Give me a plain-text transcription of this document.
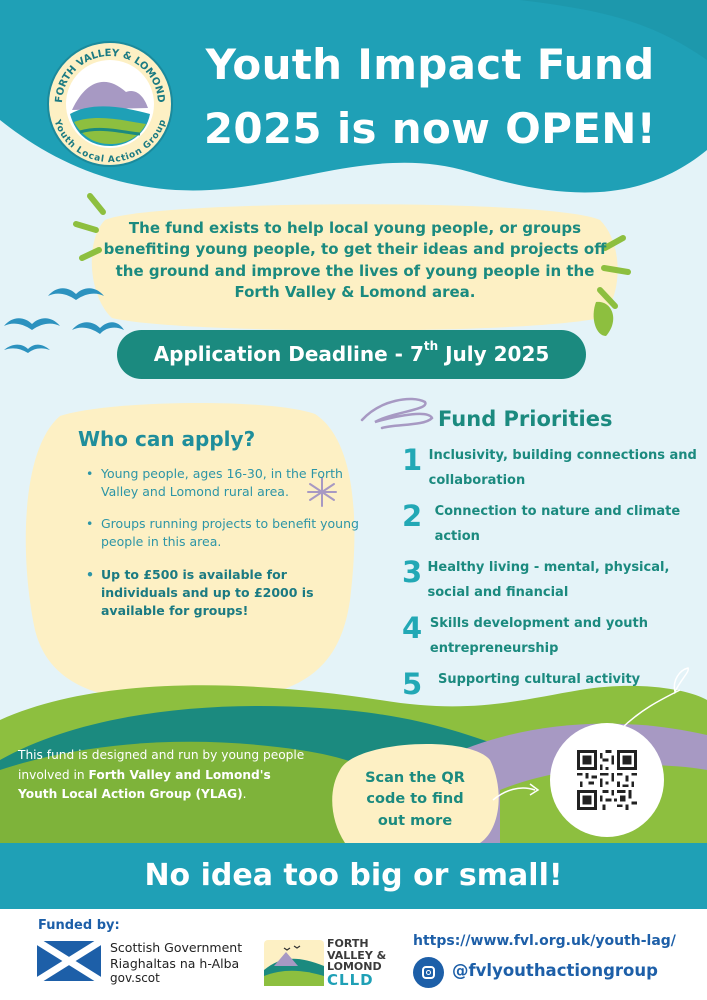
FORTH VALLEY & LOMOND
Youth Local Action Group
Youth Impact Fund
2025 is now OPEN!
The fund exists to help local young people, or groups benefiting young people, to get their ideas and projects off the ground and improve the lives of young people in the Forth Valley & Lomond area.
Application Deadline - 7th July 2025
Who can apply?
• Young people, ages 16-30, in the Forth Valley and Lomond rural area.
• Groups running projects to benefit young people in this area.
• Up to £500 is available for individuals and up to £2000 is available for groups!
Fund Priorities
1 Inclusivity, building connections and collaboration
2 Connection to nature and climate action
3 Healthy living - mental, physical, social and financial
4 Skills development and youth entrepreneurship
5	Supporting cultural activity
This fund is designed and run by young people involved in Forth Valley and Lomond's Youth Local Action Group (YLAG).
Scan the QR code to find out more
No idea too big or small!
Funded by:
Scottish Government
Riaghaltas na h-Alba
gov.scot
FORTH
VALLEY &
LOMOND
CLLD
https://www.fvl.org.uk/youth-lag/
@fvlyouthactiongroup
